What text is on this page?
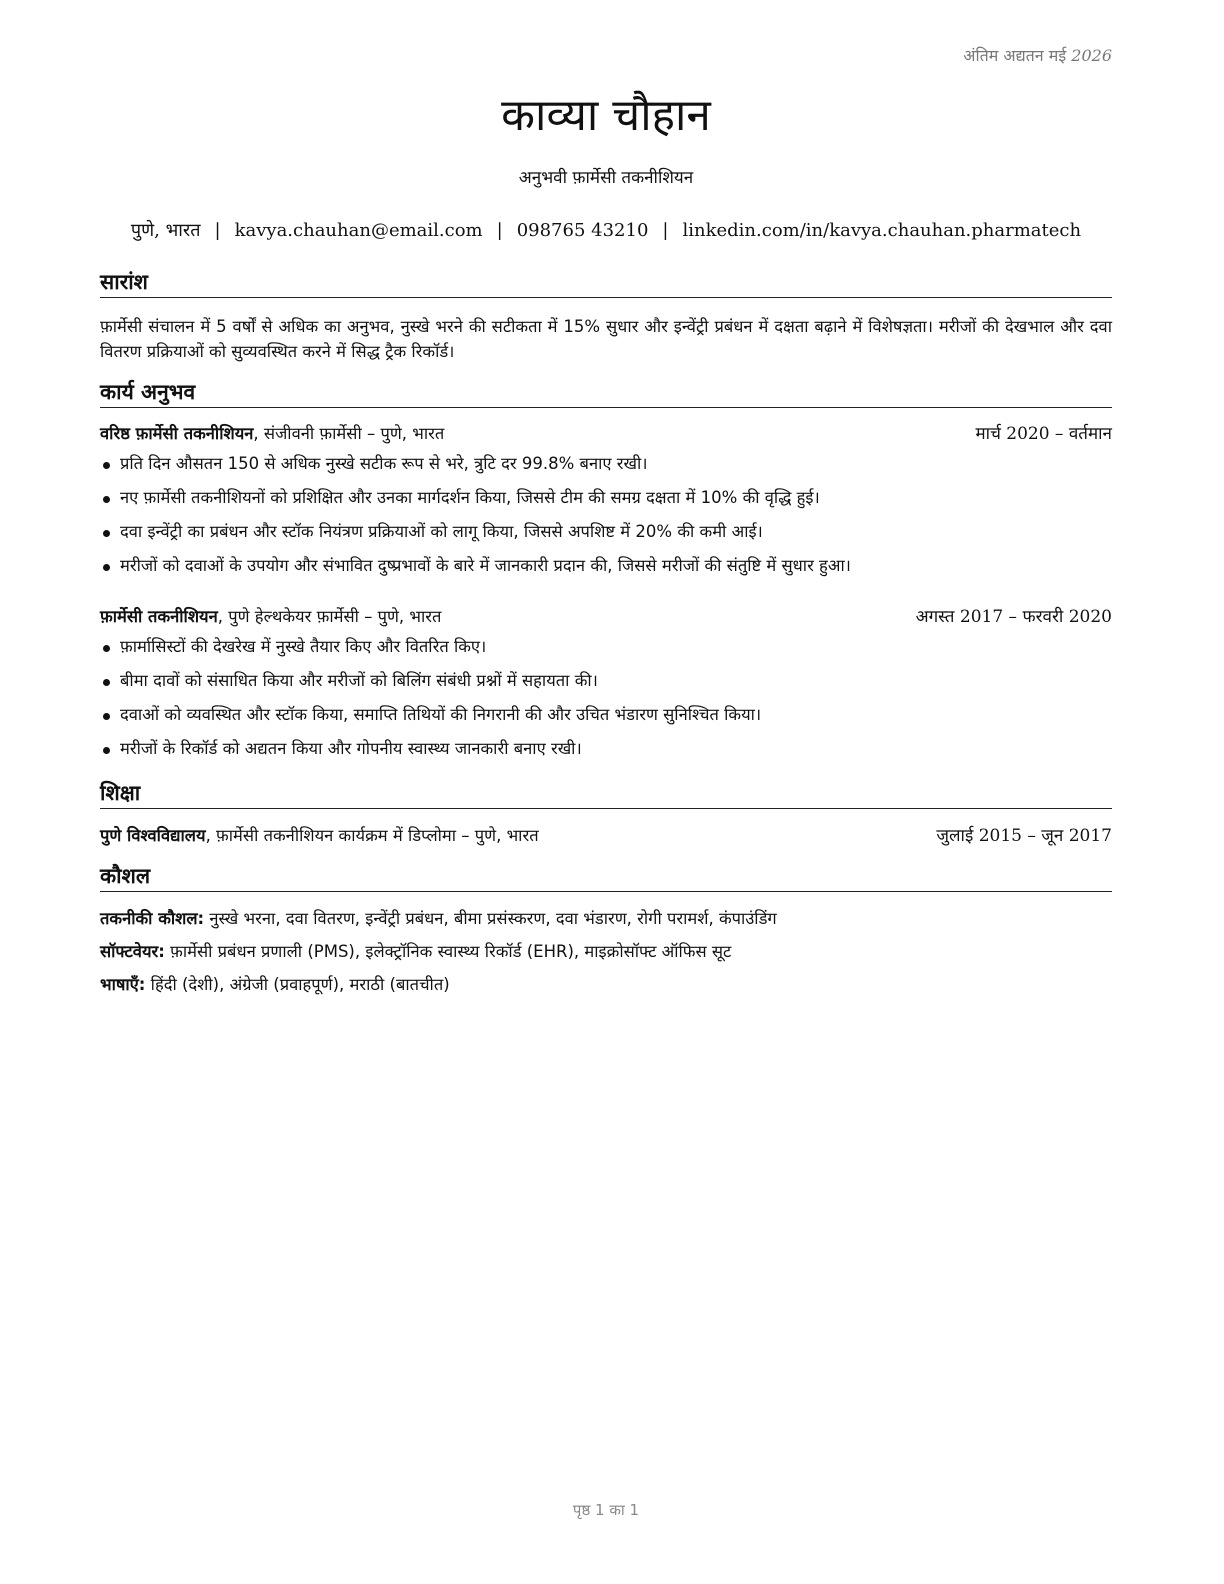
अंतिम अद्यतन मई 2026
काव्या चौहान
अनुभवी फ़ार्मेसी तकनीशियन
पुणे, भारत | kavya.chauhan@email.com | 098765 43210 | linkedin.com/in/kavya.chauhan.pharmatech
सारांश
फ़ार्मेसी संचालन में 5 वर्षों से अधिक का अनुभव, नुस्खे भरने की सटीकता में 15% सुधार और इन्वेंट्री प्रबंधन में दक्षता बढ़ाने में विशेषज्ञता। मरीजों की देखभाल और दवा वितरण प्रक्रियाओं को सुव्यवस्थित करने में सिद्ध ट्रैक रिकॉर्ड।
कार्य अनुभव
वरिष्ठ फ़ार्मेसी तकनीशियन, संजीवनी फ़ार्मेसी – पुणे, भारत	मार्च 2020 – वर्तमान
प्रति दिन औसतन 150 से अधिक नुस्खे सटीक रूप से भरे, त्रुटि दर 99.8% बनाए रखी।
नए फ़ार्मेसी तकनीशियनों को प्रशिक्षित और उनका मार्गदर्शन किया, जिससे टीम की समग्र दक्षता में 10% की वृद्धि हुई।
दवा इन्वेंट्री का प्रबंधन और स्टॉक नियंत्रण प्रक्रियाओं को लागू किया, जिससे अपशिष्ट में 20% की कमी आई।
मरीजों को दवाओं के उपयोग और संभावित दुष्प्रभावों के बारे में जानकारी प्रदान की, जिससे मरीजों की संतुष्टि में सुधार हुआ।
फ़ार्मेसी तकनीशियन, पुणे हेल्थकेयर फ़ार्मेसी – पुणे, भारत	अगस्त 2017 – फरवरी 2020
फ़ार्मासिस्टों की देखरेख में नुस्खे तैयार किए और वितरित किए।
बीमा दावों को संसाधित किया और मरीजों को बिलिंग संबंधी प्रश्नों में सहायता की।
दवाओं को व्यवस्थित और स्टॉक किया, समाप्ति तिथियों की निगरानी की और उचित भंडारण सुनिश्चित किया।
मरीजों के रिकॉर्ड को अद्यतन किया और गोपनीय स्वास्थ्य जानकारी बनाए रखी।
शिक्षा
पुणे विश्वविद्यालय, फ़ार्मेसी तकनीशियन कार्यक्रम में डिप्लोमा – पुणे, भारत	जुलाई 2015 – जून 2017
कौशल
तकनीकी कौशल: नुस्खे भरना, दवा वितरण, इन्वेंट्री प्रबंधन, बीमा प्रसंस्करण, दवा भंडारण, रोगी परामर्श, कंपाउंडिंग
सॉफ्टवेयर: फ़ार्मेसी प्रबंधन प्रणाली (PMS), इलेक्ट्रॉनिक स्वास्थ्य रिकॉर्ड (EHR), माइक्रोसॉफ्ट ऑफिस सूट
भाषाएँ: हिंदी (देशी), अंग्रेजी (प्रवाहपूर्ण), मराठी (बातचीत)
पृष्ठ 1 का 1
